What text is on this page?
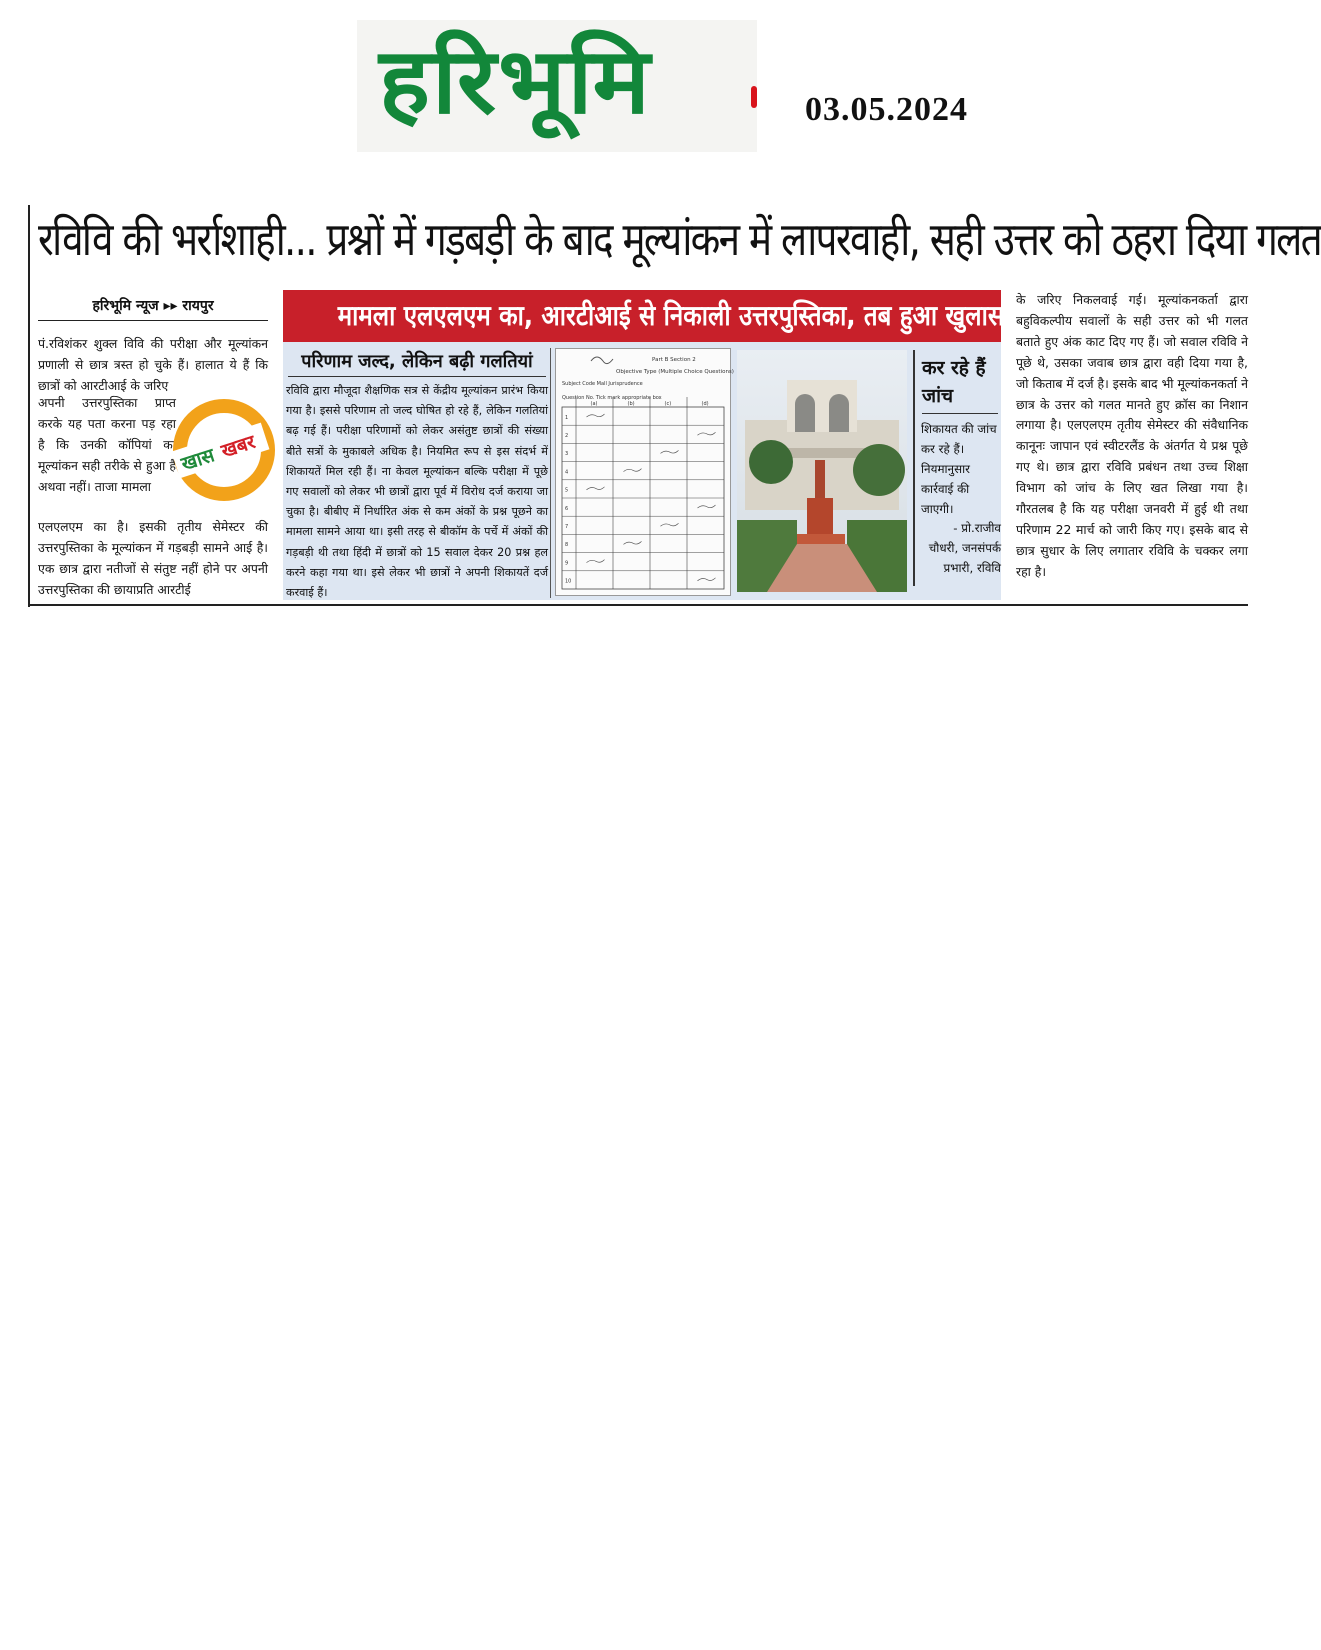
हरिभूमि	03.05.2024
रविवि की भर्राशाही... प्रश्नों में गड़बड़ी के बाद मूल्यांकन में लापरवाही, सही उत्तर को ठहरा दिया गलत
हरिभूमि न्यूज ▸▸ रायपुर
पं.रविशंकर शुक्ल विवि की परीक्षा और मूल्यांकन प्रणाली से छात्र त्रस्त हो चुके हैं। हालात ये हैं कि छात्रों को आरटीआई के जरिए
अपनी उत्तरपुस्तिका प्राप्त करके यह पता करना पड़ रहा है कि उनकी कॉपियां का मूल्यांकन सही तरीके से हुआ है अथवा नहीं। ताजा मामला
एलएलएम का है। इसकी तृतीय सेमेस्टर की उत्तरपुस्तिका के मूल्यांकन में गड़बड़ी सामने आई है। एक छात्र द्वारा नतीजों से संतुष्ट नहीं होने पर अपनी उत्तरपुस्तिका की छायाप्रति आरटीई
खास खबर
मामला एलएलएम का, आरटीआई से निकाली उत्तरपुस्तिका, तब हुआ खुलासा
परिणाम जल्द, लेकिन बढ़ी गलतियां
रविवि द्वारा मौजूदा शैक्षणिक सत्र से केंद्रीय मूल्यांकन प्रारंभ किया गया है। इससे परिणाम तो जल्द घोषित हो रहे हैं, लेकिन गलतियां बढ़ गई हैं। परीक्षा परिणामों को लेकर असंतुष्ट छात्रों की संख्या बीते सत्रों के मुकाबले अधिक है। नियमित रूप से इस संदर्भ में शिकायतें मिल रही हैं। ना केवल मूल्यांकन बल्कि परीक्षा में पूछे गए सवालों को लेकर भी छात्रों द्वारा पूर्व में विरोध दर्ज कराया जा चुका है। बीबीए में निर्धारित अंक से कम अंकों के प्रश्न पूछने का मामला सामने आया था। इसी तरह से बीकॉम के पर्चे में अंकों की गड़बड़ी थी तथा हिंदी में छात्रों को 15 सवाल देकर 20 प्रश्न हल करने कहा गया था। इसे लेकर भी छात्रों ने अपनी शिकायतें दर्ज करवाई हैं।
Part B Section 2
Objective Type (Multiple Choice Questions)
Subject Code Mall Jurisprudence
Question No. Tick mark appropriate box
(a)	(b)	(c)	(d)
1
2
3
4
5
6
7
8
9
10
कर रहे हैं जांच
शिकायत की जांच कर रहे हैं। नियमानुसार कार्रवाई की जाएगी।
- प्रो.राजीव चौधरी, जनसंपर्क प्रभारी, रविवि
के जरिए निकलवाई गई। मूल्यांकनकर्ता द्वारा बहुविकल्पीय सवालों के सही उत्तर को भी गलत बताते हुए अंक काट दिए गए हैं। जो सवाल रविवि ने पूछे थे, उसका जवाब छात्र द्वारा वही दिया गया है, जो किताब में दर्ज है। इसके बाद भी मूल्यांकनकर्ता ने छात्र के उत्तर को गलत मानते हुए क्रॉस का निशान लगाया है। एलएलएम तृतीय सेमेस्टर की संवैधानिक कानूनः जापान एवं स्वीटरलैंड के अंतर्गत ये प्रश्न पूछे गए थे। छात्र द्वारा रविवि प्रबंधन तथा उच्च शिक्षा विभाग को जांच के लिए खत लिखा गया है। गौरतलब है कि यह परीक्षा जनवरी में हुई थी तथा परिणाम 22 मार्च को जारी किए गए। इसके बाद से छात्र सुधार के लिए लगातार रविवि के चक्कर लगा रहा है।
